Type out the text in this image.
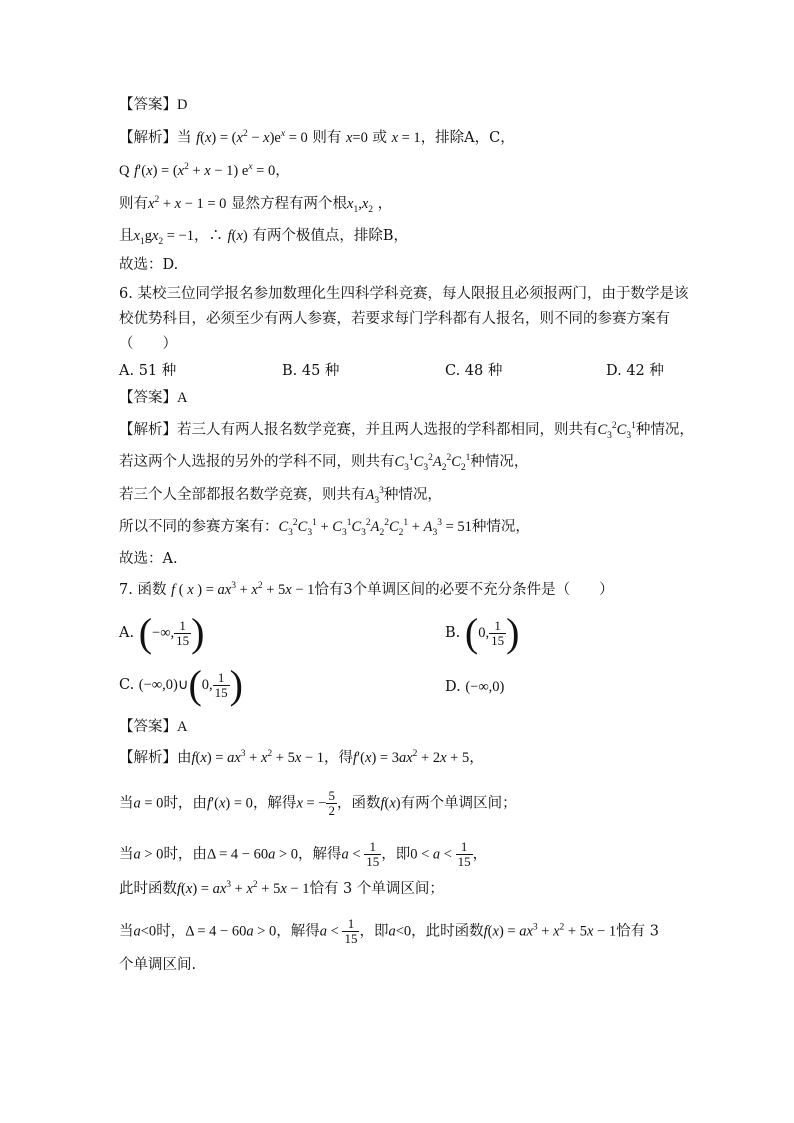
【答案】D
【解析】当 $f(x) = (x^2 - x)e^x = 0$ 则有 x=0 或 x = 1，排除A，C，
Q $f'(x) = (x^2 + x - 1) e^x = 0$，
则有$x^2 + x - 1 = 0$ 显然方程有两个根$x_1,x_2$ ，
且$x_1gx_2 = -1$，∴ f(x) 有两个极值点，排除B，
故选：D.
6. 某校三位同学报名参加数理化生四科学科竞赛，每人限报且必须报两门，由于数学是该
校优势科目，必须至少有两人参赛，若要求每门学科都有人报名，则不同的参赛方案有
（　　）
A. 51 种	B. 45 种	C. 48 种	D. 42 种
【答案】A
【解析】若三人有两人报名数学竞赛，并且两人选报的学科都相同，则共有$C_3^2C_3^1$种情况，
若这两个人选报的另外的学科不同，则共有$C_3^1C_3^2A_2^2C_2^1$种情况，
若三个人全部都报名数学竞赛，则共有$A_3^3$种情况，
所以不同的参赛方案有：$C_3^2C_3^1 + C_3^1C_3^2A_2^2C_2^1 + A_3^3 = 51$种情况，
故选：A.
7. 函数 f ( x ) = $ax^3 + x^2 + 5x - 1$恰有3个单调区间的必要不充分条件是（　　）
A. (−∞, $\frac{1}{15}$ )	B. (0, $\frac{1}{15}$ )
C. (−∞,0)∪(0, $\frac{1}{15}$ )	D. (−∞,0)
【答案】A
【解析】由$f(x) = ax^3 + x^2 + 5x - 1$，得$f'(x) = 3ax^2 + 2x + 5$，
当a = 0时，由f′(x) = 0，解得x = − $\frac{5}{2}$ ，函数f(x)有两个单调区间；
当a > 0时，由Δ = 4 − 60a > 0，解得$a < \frac{1}{15}$ ，即$0 < a < \frac{1}{15}$ ，
此时函数$f(x) = ax^3 + x^2 + 5x - 1$恰有 3 个单调区间；
当a<0时，Δ = 4 − 60a > 0，解得$a < \frac{1}{15}$ ，即a<0，此时函数$f(x) = ax^3 + x^2 + 5x - 1$恰有 3
个单调区间.
